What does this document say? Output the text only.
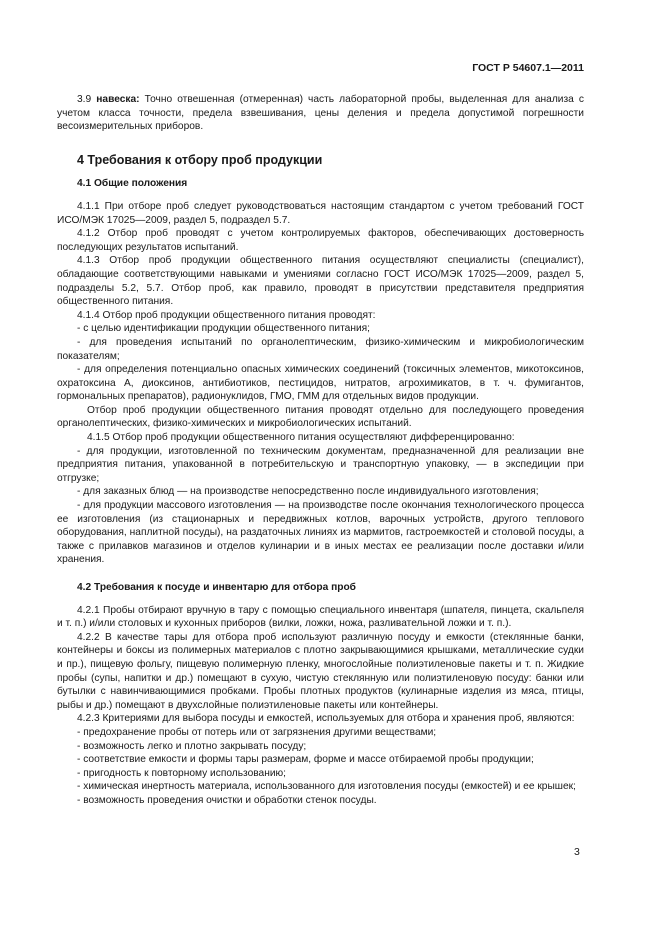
ГОСТ Р 54607.1—2011

3.9 навеска: Точно отвешенная (отмеренная) часть лабораторной пробы, выделенная для анализа с учетом класса точности, предела взвешивания, цены деления и предела допустимой погрешности весоизмерительных приборов.

4 Требования к отбору проб продукции
4.1 Общие положения

4.1.1 При отборе проб следует руководствоваться настоящим стандартом с учетом требований ГОСТ ИСО/МЭК 17025—2009, раздел 5, подраздел 5.7.

4.1.2 Отбор проб проводят с учетом контролируемых факторов, обеспечивающих достоверность последующих результатов испытаний.

4.1.3 Отбор проб продукции общественного питания осуществляют специалисты (специалист), обладающие соответствующими навыками и умениями согласно ГОСТ ИСО/МЭК 17025—2009, раздел 5, подразделы 5.2, 5.7. Отбор проб, как правило, проводят в присутствии представителя предприятия общественного питания.

4.1.4 Отбор проб продукции общественного питания проводят:

- с целью идентификации продукции общественного питания;

- для проведения испытаний по органолептическим, физико-химическим и микробиологическим показателям;

- для определения потенциально опасных химических соединений (токсичных элементов, микотоксинов, охратоксина А, диоксинов, антибиотиков, пестицидов, нитратов, агрохимикатов, в т. ч. фумигантов, гормональных препаратов), радионуклидов, ГМО, ГММ для отдельных видов продукции.

Отбор проб продукции общественного питания проводят отдельно для последующего проведения органолептических, физико-химических и микробиологических испытаний.

4.1.5 Отбор проб продукции общественного питания осуществляют дифференцированно:

- для продукции, изготовленной по техническим документам, предназначенной для реализации вне предприятия питания, упакованной в потребительскую и транспортную упаковку, — в экспедиции при отгрузке;

- для заказных блюд — на производстве непосредственно после индивидуального изготовления;

- для продукции массового изготовления — на производстве после окончания технологического процесса ее изготовления (из стационарных и передвижных котлов, варочных устройств, другого теплового оборудования, наплитной посуды), на раздаточных линиях из мармитов, гастроемкостей и столовой посуды, а также с прилавков магазинов и отделов кулинарии и в иных местах ее реализации после доставки и/или хранения.

4.2 Требования к посуде и инвентарю для отбора проб

4.2.1 Пробы отбирают вручную в тару с помощью специального инвентаря (шпателя, пинцета, скальпеля и т. п.) и/или столовых и кухонных приборов (вилки, ложки, ножа, разливательной ложки и т. п.).

4.2.2 В качестве тары для отбора проб используют различную посуду и емкости (стеклянные банки, контейнеры и боксы из полимерных материалов с плотно закрывающимися крышками, металлические судки и пр.), пищевую фольгу, пищевую полимерную пленку, многослойные полиэтиленовые пакеты и т. п. Жидкие пробы (супы, напитки и др.) помещают в сухую, чистую стеклянную или полиэтиленовую посуду: банки или бутылки с навинчивающимися пробками. Пробы плотных продуктов (кулинарные изделия из мяса, птицы, рыбы и др.) помещают в двухслойные полиэтиленовые пакеты или контейнеры.

4.2.3 Критериями для выбора посуды и емкостей, используемых для отбора и хранения проб, являются:

- предохранение пробы от потерь или от загрязнения другими веществами;

- возможность легко и плотно закрывать посуду;

- соответствие емкости и формы тары размерам, форме и массе отбираемой пробы продукции;

- пригодность к повторному использованию;

- химическая инертность материала, использованного для изготовления посуды (емкостей) и ее крышек;

- возможность проведения очистки и обработки стенок посуды.

3
